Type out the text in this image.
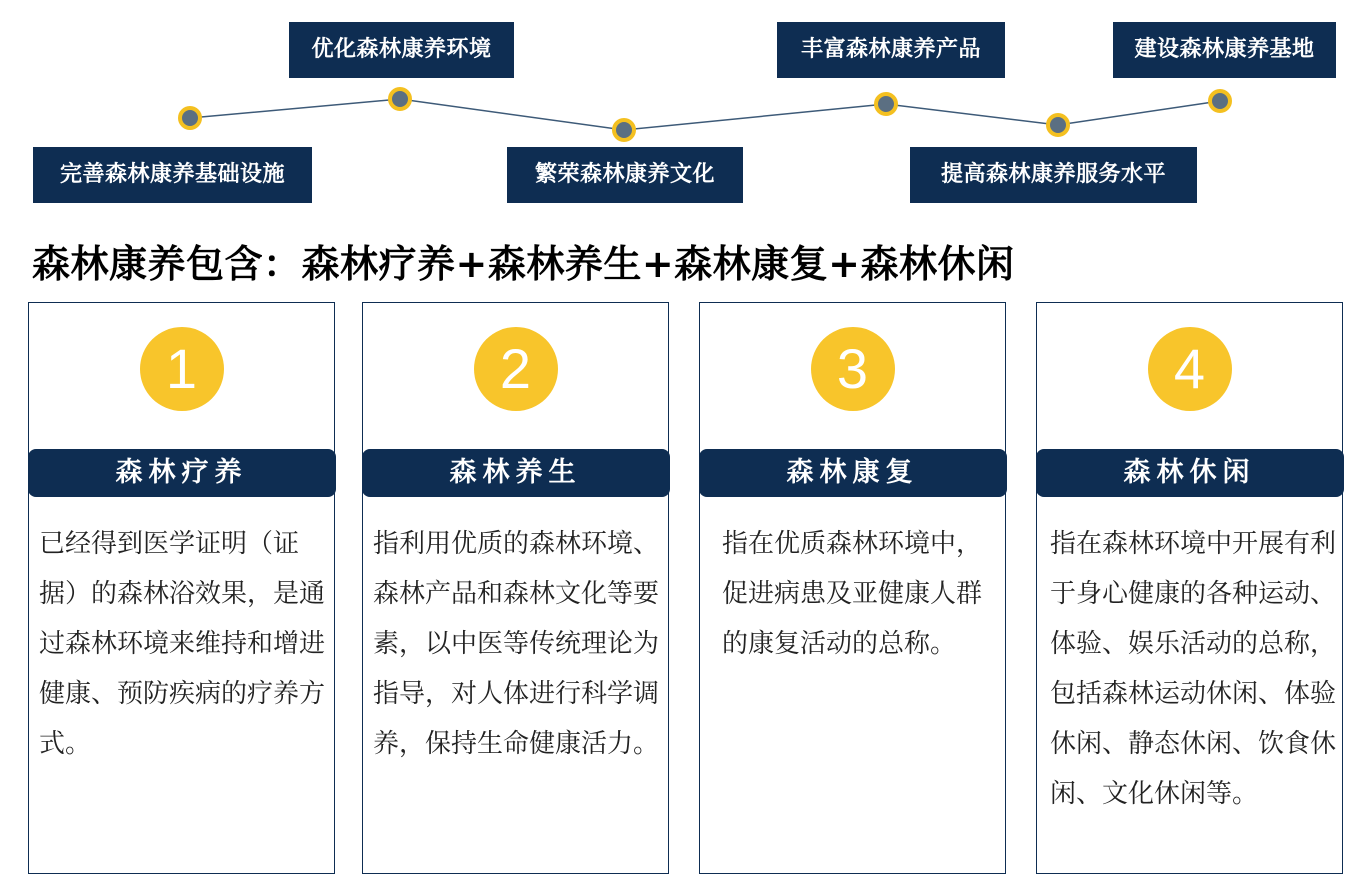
完善森林康养基础设施
优化森林康养环境
繁荣森林康养文化
丰富森林康养产品
提高森林康养服务水平
建设森林康养基地
森林康养包含：森林疗养+森林养生+森林康复+森林休闲
1
森林疗养
已经得到医学证明（证据）的森林浴效果，是通过森林环境来维持和增进健康、预防疾病的疗养方式。
2
森林养生
指利用优质的森林环境、森林产品和森林文化等要素，以中医等传统理论为指导，对人体进行科学调养，保持生命健康活力。
3
森林康复
指在优质森林环境中，促进病患及亚健康人群的康复活动的总称。
4
森林休闲
指在森林环境中开展有利于身心健康的各种运动、体验、娱乐活动的总称，包括森林运动休闲、体验休闲、静态休闲、饮食休闲、文化休闲等。
